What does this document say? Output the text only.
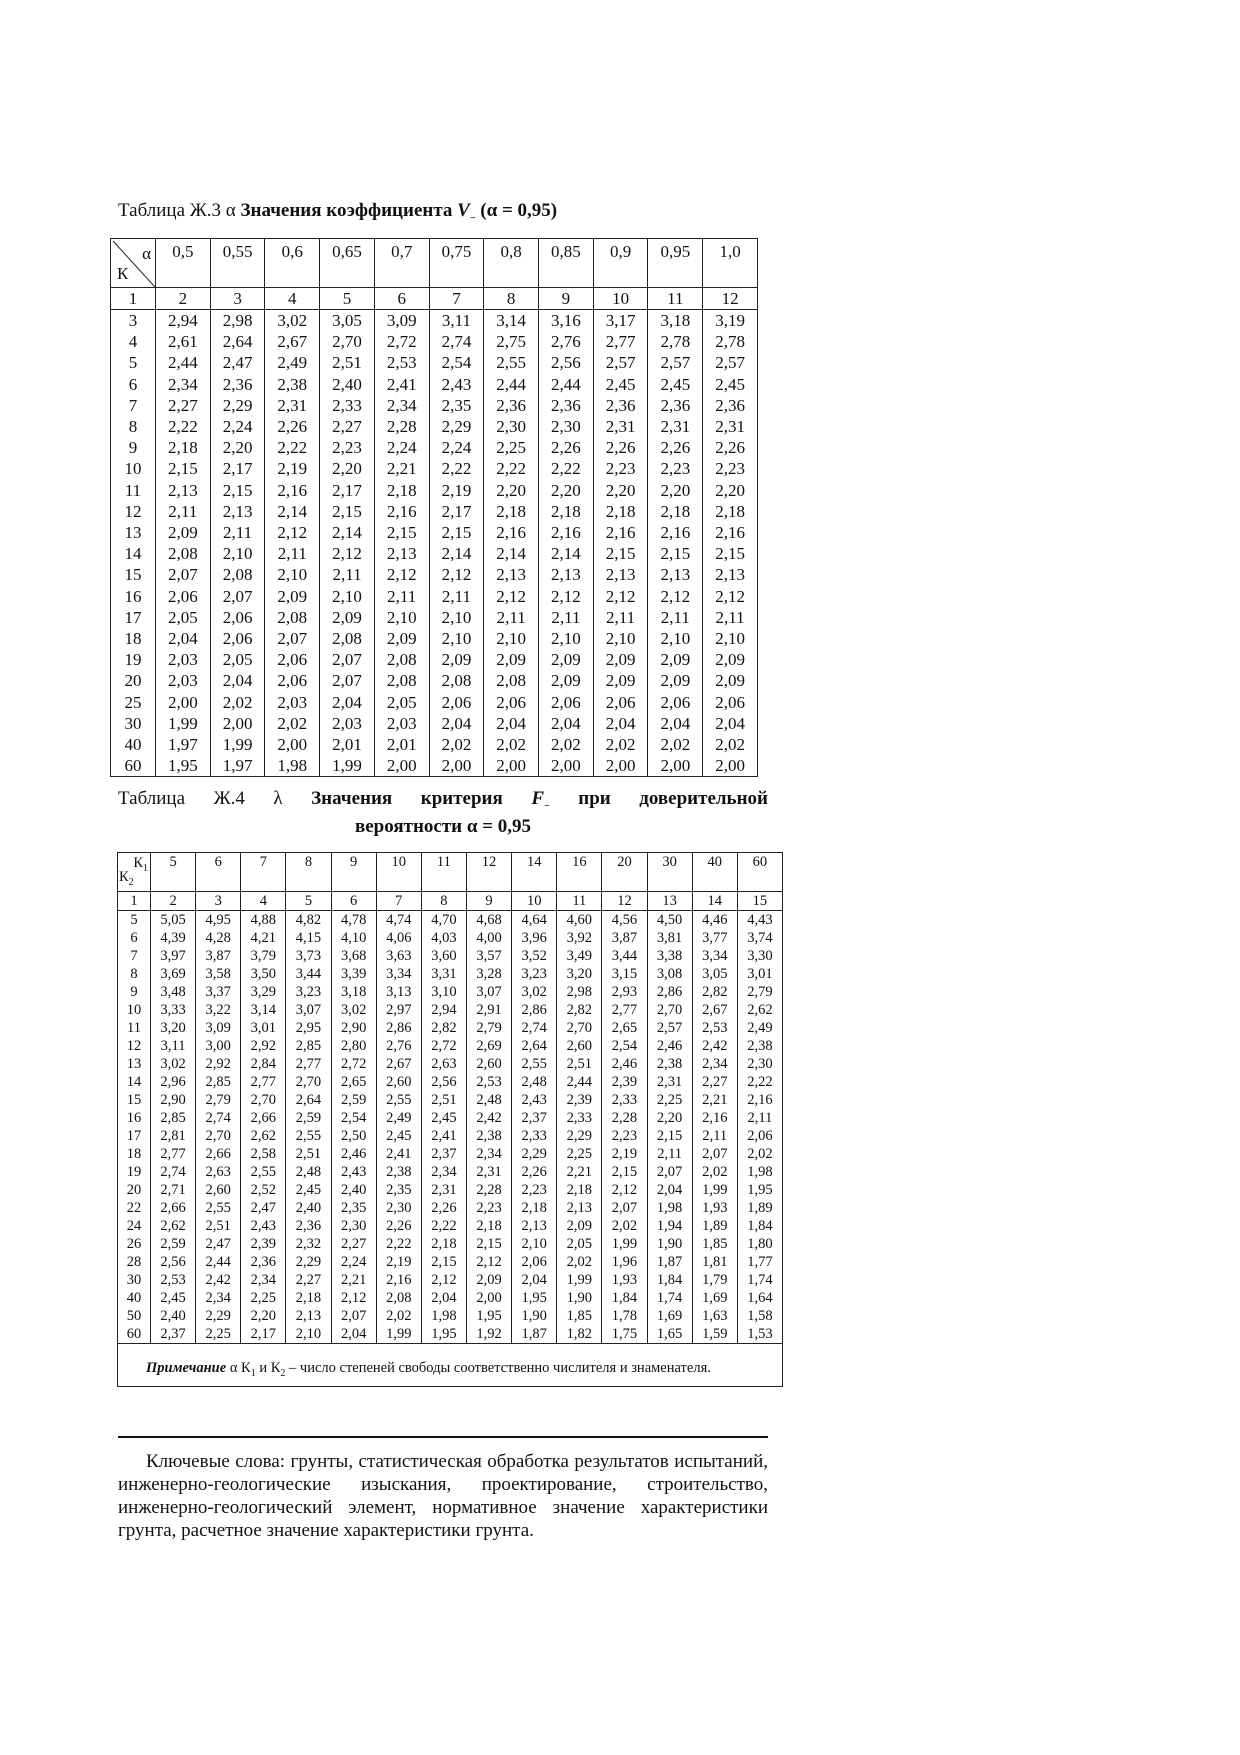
Таблица Ж.3 α Значения коэффициента $V_-$ (α = 0,95)
α
К	0,5	0,55	0,6	0,65	0,7	0,75	0,8	0,85	0,9	0,95	1,0
1	2	3	4	5	6	7	8	9	10	11	12
3	2,94	2,98	3,02	3,05	3,09	3,11	3,14	3,16	3,17	3,18	3,19
4	2,61	2,64	2,67	2,70	2,72	2,74	2,75	2,76	2,77	2,78	2,78
5	2,44	2,47	2,49	2,51	2,53	2,54	2,55	2,56	2,57	2,57	2,57
6	2,34	2,36	2,38	2,40	2,41	2,43	2,44	2,44	2,45	2,45	2,45
7	2,27	2,29	2,31	2,33	2,34	2,35	2,36	2,36	2,36	2,36	2,36
8	2,22	2,24	2,26	2,27	2,28	2,29	2,30	2,30	2,31	2,31	2,31
9	2,18	2,20	2,22	2,23	2,24	2,24	2,25	2,26	2,26	2,26	2,26
10	2,15	2,17	2,19	2,20	2,21	2,22	2,22	2,22	2,23	2,23	2,23
11	2,13	2,15	2,16	2,17	2,18	2,19	2,20	2,20	2,20	2,20	2,20
12	2,11	2,13	2,14	2,15	2,16	2,17	2,18	2,18	2,18	2,18	2,18
13	2,09	2,11	2,12	2,14	2,15	2,15	2,16	2,16	2,16	2,16	2,16
14	2,08	2,10	2,11	2,12	2,13	2,14	2,14	2,14	2,15	2,15	2,15
15	2,07	2,08	2,10	2,11	2,12	2,12	2,13	2,13	2,13	2,13	2,13
16	2,06	2,07	2,09	2,10	2,11	2,11	2,12	2,12	2,12	2,12	2,12
17	2,05	2,06	2,08	2,09	2,10	2,10	2,11	2,11	2,11	2,11	2,11
18	2,04	2,06	2,07	2,08	2,09	2,10	2,10	2,10	2,10	2,10	2,10
19	2,03	2,05	2,06	2,07	2,08	2,09	2,09	2,09	2,09	2,09	2,09
20	2,03	2,04	2,06	2,07	2,08	2,08	2,08	2,09	2,09	2,09	2,09
25	2,00	2,02	2,03	2,04	2,05	2,06	2,06	2,06	2,06	2,06	2,06
30	1,99	2,00	2,02	2,03	2,03	2,04	2,04	2,04	2,04	2,04	2,04
40	1,97	1,99	2,00	2,01	2,01	2,02	2,02	2,02	2,02	2,02	2,02
60	1,95	1,97	1,98	1,99	2,00	2,00	2,00	2,00	2,00	2,00	2,00
Таблица Ж.4 λ Значения критерия $F_-$ при доверительной
вероятности α = 0,95
$К_1$
$К_2$	5	6	7	8	9	10	11	12	14	16	20	30	40	60
1	2	3	4	5	6	7	8	9	10	11	12	13	14	15
5	5,05	4,95	4,88	4,82	4,78	4,74	4,70	4,68	4,64	4,60	4,56	4,50	4,46	4,43
6	4,39	4,28	4,21	4,15	4,10	4,06	4,03	4,00	3,96	3,92	3,87	3,81	3,77	3,74
7	3,97	3,87	3,79	3,73	3,68	3,63	3,60	3,57	3,52	3,49	3,44	3,38	3,34	3,30
8	3,69	3,58	3,50	3,44	3,39	3,34	3,31	3,28	3,23	3,20	3,15	3,08	3,05	3,01
9	3,48	3,37	3,29	3,23	3,18	3,13	3,10	3,07	3,02	2,98	2,93	2,86	2,82	2,79
10	3,33	3,22	3,14	3,07	3,02	2,97	2,94	2,91	2,86	2,82	2,77	2,70	2,67	2,62
11	3,20	3,09	3,01	2,95	2,90	2,86	2,82	2,79	2,74	2,70	2,65	2,57	2,53	2,49
12	3,11	3,00	2,92	2,85	2,80	2,76	2,72	2,69	2,64	2,60	2,54	2,46	2,42	2,38
13	3,02	2,92	2,84	2,77	2,72	2,67	2,63	2,60	2,55	2,51	2,46	2,38	2,34	2,30
14	2,96	2,85	2,77	2,70	2,65	2,60	2,56	2,53	2,48	2,44	2,39	2,31	2,27	2,22
15	2,90	2,79	2,70	2,64	2,59	2,55	2,51	2,48	2,43	2,39	2,33	2,25	2,21	2,16
16	2,85	2,74	2,66	2,59	2,54	2,49	2,45	2,42	2,37	2,33	2,28	2,20	2,16	2,11
17	2,81	2,70	2,62	2,55	2,50	2,45	2,41	2,38	2,33	2,29	2,23	2,15	2,11	2,06
18	2,77	2,66	2,58	2,51	2,46	2,41	2,37	2,34	2,29	2,25	2,19	2,11	2,07	2,02
19	2,74	2,63	2,55	2,48	2,43	2,38	2,34	2,31	2,26	2,21	2,15	2,07	2,02	1,98
20	2,71	2,60	2,52	2,45	2,40	2,35	2,31	2,28	2,23	2,18	2,12	2,04	1,99	1,95
22	2,66	2,55	2,47	2,40	2,35	2,30	2,26	2,23	2,18	2,13	2,07	1,98	1,93	1,89
24	2,62	2,51	2,43	2,36	2,30	2,26	2,22	2,18	2,13	2,09	2,02	1,94	1,89	1,84
26	2,59	2,47	2,39	2,32	2,27	2,22	2,18	2,15	2,10	2,05	1,99	1,90	1,85	1,80
28	2,56	2,44	2,36	2,29	2,24	2,19	2,15	2,12	2,06	2,02	1,96	1,87	1,81	1,77
30	2,53	2,42	2,34	2,27	2,21	2,16	2,12	2,09	2,04	1,99	1,93	1,84	1,79	1,74
40	2,45	2,34	2,25	2,18	2,12	2,08	2,04	2,00	1,95	1,90	1,84	1,74	1,69	1,64
50	2,40	2,29	2,20	2,13	2,07	2,02	1,98	1,95	1,90	1,85	1,78	1,69	1,63	1,58
60	2,37	2,25	2,17	2,10	2,04	1,99	1,95	1,92	1,87	1,82	1,75	1,65	1,59	1,53

Примечание α $К_1$ и $К_2$ – число степеней свободы соответственно числителя и знаменателя.														
Ключевые слова: грунты, статистическая обработка результатов испытаний, инженерно-геологические изыскания, проектирование, строительство, инженерно-геологический элемент, нормативное значение характеристики грунта, расчетное значение характеристики грунта.
